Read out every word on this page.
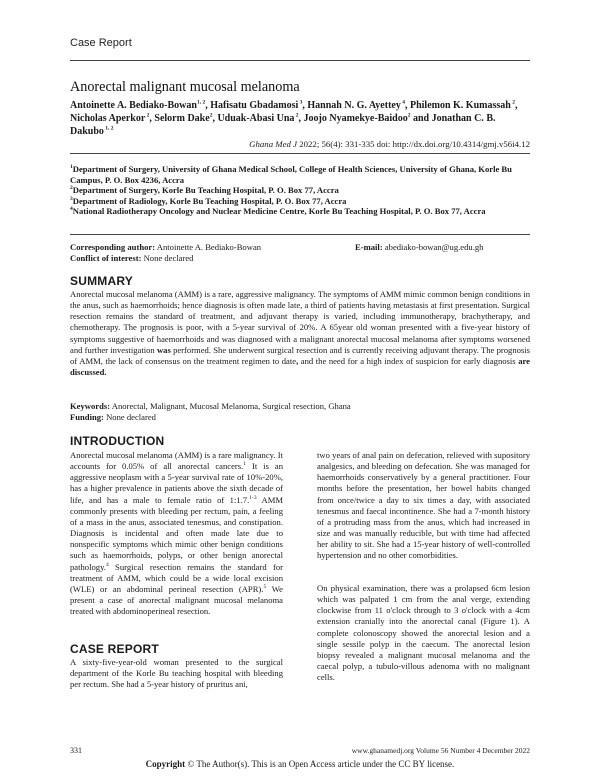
Case Report
Anorectal malignant mucosal melanoma
Antoinette A. Bediako-Bowan$^{1, 2}$, Hafisatu Gbadamosi $^3$, Hannah N. G. Ayettey $^4$, Philemon K. Kumassah $^2$, Nicholas Aperkor $^2$, Selorm Dake$^2$, Uduak-Abasi Una $^2$, Joojo Nyamekye-Baidoo$^2$ and Jonathan C. B. Dakubo $^{1, 2}$
Ghana Med J 2022; 56(4): 331-335 doi: http://dx.doi.org/10.4314/gmj.v56i4.12
$^1$Department of Surgery, University of Ghana Medical School, College of Health Sciences, University of Ghana, Korle Bu Campus, P. O. Box 4236, Accra
$^2$Department of Surgery, Korle Bu Teaching Hospital, P. O. Box 77, Accra
$^3$Department of Radiology, Korle Bu Teaching Hospital, P. O. Box 77, Accra
$^4$National Radiotherapy Oncology and Nuclear Medicine Centre, Korle Bu Teaching Hospital, P. O. Box 77, Accra
Corresponding author: Antoinette A. Bediako-Bowan	E-mail: abediako-bowan@ug.edu.gh
Conflict of interest: None declared
SUMMARY
Anorectal mucosal melanoma (AMM) is a rare, aggressive malignancy. The symptoms of AMM mimic common benign conditions in the anus, such as haemorrhoids; hence diagnosis is often made late, a third of patients having metastasis at first presentation. Surgical resection remains the standard of treatment, and adjuvant therapy is varied, including immunotherapy, brachytherapy, and chemotherapy. The prognosis is poor, with a 5-year survival of 20%. A 65year old woman presented with a five-year history of symptoms suggestive of haemorrhoids and was diagnosed with a malignant anorectal mucosal melanoma after symptoms worsened and further investigation was performed. She underwent surgical resection and is currently receiving adjuvant therapy. The prognosis of AMM, the lack of consensus on the treatment regimen to date, and the need for a high index of suspicion for early diagnosis are discussed.
Keywords: Anorectal, Malignant, Mucosal Melanoma, Surgical resection, Ghana
Funding: None declared
INTRODUCTION
Anorectal mucosal melanoma (AMM) is a rare malignancy. It accounts for 0.05% of all anorectal cancers.$^1$ It is an aggressive neoplasm with a 5-year survival rate of 10%-20%, has a higher prevalence in patients above the sixth decade of life, and has a male to female ratio of 1:1.7.$^{1-3}$ AMM commonly presents with bleeding per rectum, pain, a feeling of a mass in the anus, associated tenesmus, and constipation. Diagnosis is incidental and often made late due to nonspecific symptoms which mimic other benign conditions such as haemorrhoids, polyps, or other benign anorectal pathology.$^4$ Surgical resection remains the standard for treatment of AMM, which could be a wide local excision (WLE) or an abdominal perineal resection (APR).$^5$ We present a case of anorectal malignant mucosal melanoma treated with abdominoperineal resection.
CASE REPORT
A sixty-five-year-old woman presented to the surgical department of the Korle Bu teaching hospital with bleeding per rectum. She had a 5-year history of pruritus ani,
two years of anal pain on defecation, relieved with supository analgesics, and bleeding on defecation. She was managed for haemorrhoids conservatively by a general practitioner. Four months before the presentation, her bowel habits changed from once/twice a day to six times a day, with associated tenesmus and faecal incontinence. She had a 7-month history of a protruding mass from the anus, which had increased in size and was manually reducible, but with time had affected her ability to sit. She had a 15-year history of well-controlled hypertension and no other comorbidities.
On physical examination, there was a prolapsed 6cm lesion which was palpated 1 cm from the anal verge, extending clockwise from 11 o'clock through to 3 o'clock with a 4cm extension cranially into the anorectal canal (Figure 1). A complete colonoscopy showed the anorectal lesion and a single sessile polyp in the caecum. The anorectal lesion biopsy revealed a malignant mucosal melanoma and the caecal polyp, a tubulo-villous adenoma with no malignant cells.
331	www.ghanamedj.org Volume 56 Number 4 December 2022
Copyright © The Author(s). This is an Open Access article under the CC BY license.
